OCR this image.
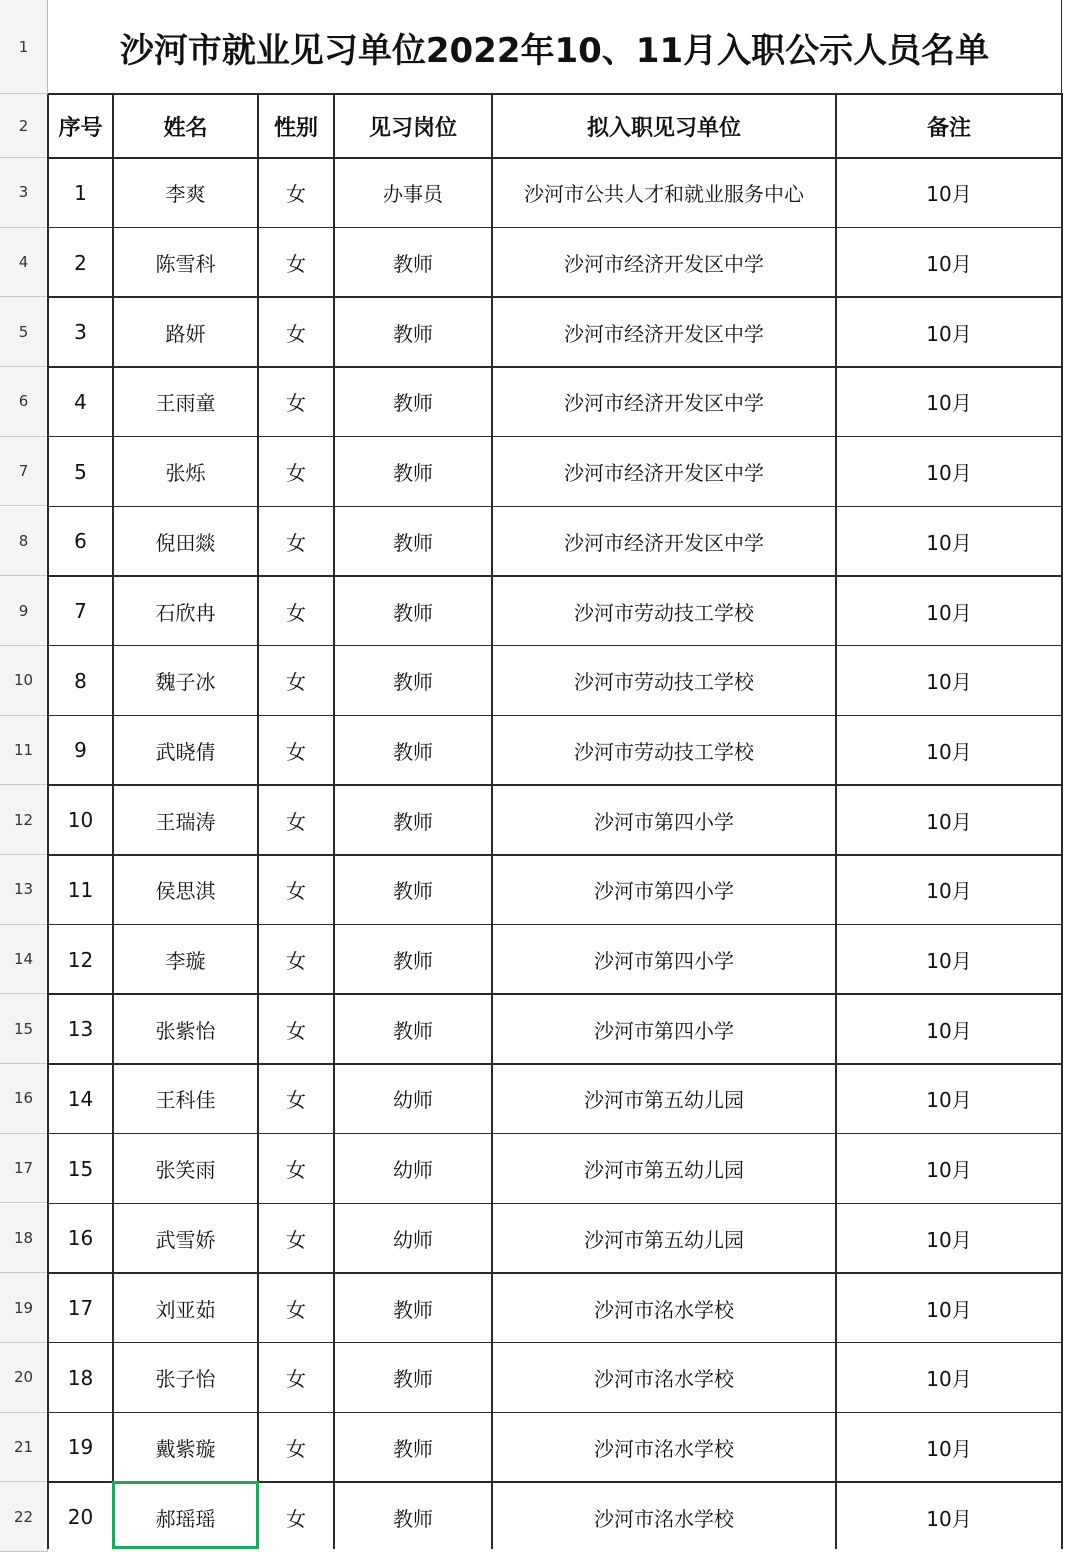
1	沙河市就业见习单位2022年10、11月入职公示人员名单
2	序号	姓名	性别	见习岗位	拟入职见习单位	备注
3	1	李爽	女	办事员	沙河市公共人才和就业服务中心	10月
4	2	陈雪科	女	教师	沙河市经济开发区中学	10月
5	3	路妍	女	教师	沙河市经济开发区中学	10月
6	4	王雨童	女	教师	沙河市经济开发区中学	10月
7	5	张烁	女	教师	沙河市经济开发区中学	10月
8	6	倪田燚	女	教师	沙河市经济开发区中学	10月
9	7	石欣冉	女	教师	沙河市劳动技工学校	10月
10	8	魏子冰	女	教师	沙河市劳动技工学校	10月
11	9	武晓倩	女	教师	沙河市劳动技工学校	10月
12	10	王瑞涛	女	教师	沙河市第四小学	10月
13	11	侯思淇	女	教师	沙河市第四小学	10月
14	12	李璇	女	教师	沙河市第四小学	10月
15	13	张紫怡	女	教师	沙河市第四小学	10月
16	14	王科佳	女	幼师	沙河市第五幼儿园	10月
17	15	张笑雨	女	幼师	沙河市第五幼儿园	10月
18	16	武雪娇	女	幼师	沙河市第五幼儿园	10月
19	17	刘亚茹	女	教师	沙河市洺水学校	10月
20	18	张子怡	女	教师	沙河市洺水学校	10月
21	19	戴紫璇	女	教师	沙河市洺水学校	10月
22	20	郝瑶瑶	女	教师	沙河市洺水学校	10月
